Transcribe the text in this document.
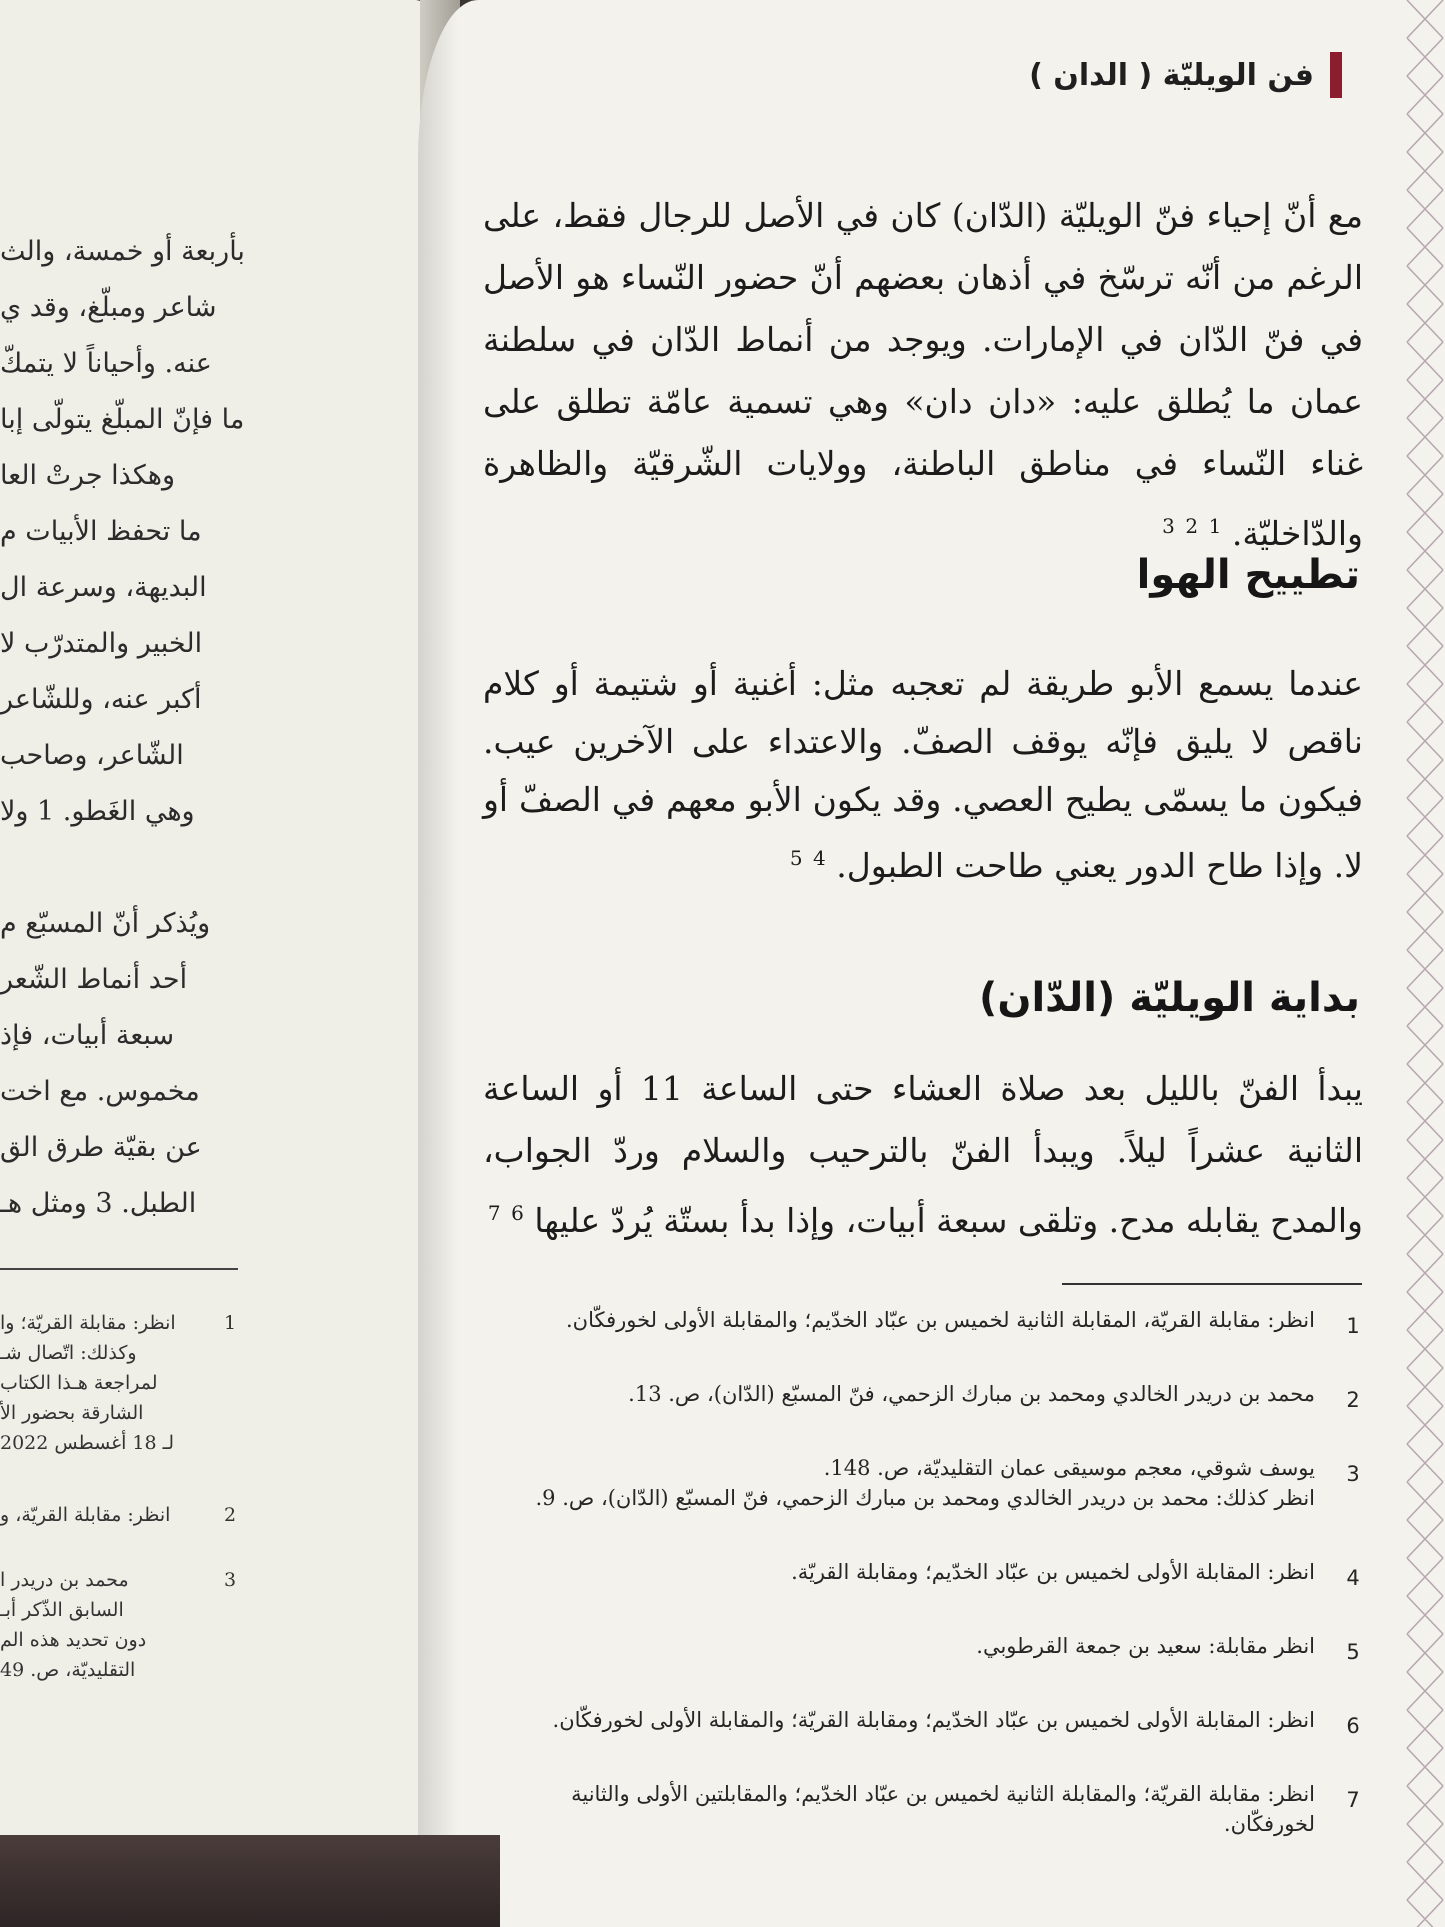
بأربعة أو خمسة، والث
شاعر ومبلّغ، وقد ي
عنه. وأحياناً لا يتمكّ
ما فإنّ المبلّغ يتولّى إبا
وهكذا جرتْ العا
ما تحفظ الأبيات م
البديهة، وسرعة ال
الخبير والمتدرّب لا
أكبر عنه، وللشّاعر
الشّاعر، وصاحب
وهي الغَطو. 1 ولا
ويُذكر أنّ المسبّع م
أحد أنماط الشّعر
سبعة أبيات، فإذ
مخموس. مع اخت
عن بقيّة طرق الق
الطبل. 3 ومثل هـ
1
انظر: مقابلة القريّة؛ وا
وكذلك: اتّصال شـ
لمراجعة هـذا الكتاب
الشارقة بحضور الأ
لـ 18 أغسطس 2022
2
انظر: مقابلة القريّة، و
3
محمد بن دريدر ا
السابق الذّكر أبـ
دون تحديد هذه الم
التقليديّة، ص. 49
فن الويليّة ( الدان )

مع أنّ إحياء فنّ الويليّة (الدّان) كان في الأصل للرجال فقط، على الرغم من أنّه ترسّخ في أذهان بعضهم أنّ حضور النّساء هو الأصل في فنّ الدّان في الإمارات. ويوجد من أنماط الدّان في سلطنة عمان ما يُطلق عليه: «دان دان» وهي تسمية عامّة تطلق على غناء النّساء في مناطق الباطنة، وولايات الشّرقيّة والظاهرة والدّاخليّة. $^1$ $^2$ $^3$

تطييح الهوا

عندما يسمع الأبو طريقة لم تعجبه مثل: أغنية أو شتيمة أو كلام ناقص لا يليق فإنّه يوقف الصفّ. والاعتداء على الآخرين عيب. فيكون ما يسمّى يطيح العصي. وقد يكون الأبو معهم في الصفّ أو لا. وإذا طاح الدور يعني طاحت الطبول. $^4$ $^5$

بداية الويليّة (الدّان)

يبدأ الفنّ بالليل بعد صلاة العشاء حتى الساعة 11 أو الساعة الثانية عشراً ليلاً. ويبدأ الفنّ بالترحيب والسلام وردّ الجواب، والمدح يقابله مدح. وتلقى سبعة أبيات، وإذا بدأ بستّة يُردّ عليها $^6$ $^7$

1
انظر: مقابلة القريّة، المقابلة الثانية لخميس بن عبّاد الخدّيم؛ والمقابلة الأولى لخورفكّان.
2
محمد بن دريدر الخالدي ومحمد بن مبارك الزحمي، فنّ المسبّع (الدّان)، ص. 13.
3
يوسف شوقي، معجم موسيقى عمان التقليديّة، ص. 148.
انظر كذلك: محمد بن دريدر الخالدي ومحمد بن مبارك الزحمي، فنّ المسبّع (الدّان)، ص. 9.
4
انظر: المقابلة الأولى لخميس بن عبّاد الخدّيم؛ ومقابلة القريّة.
5
انظر مقابلة: سعيد بن جمعة القرطوبي.
6
انظر: المقابلة الأولى لخميس بن عبّاد الخدّيم؛ ومقابلة القريّة؛ والمقابلة الأولى لخورفكّان.
7
انظر: مقابلة القريّة؛ والمقابلة الثانية لخميس بن عبّاد الخدّيم؛ والمقابلتين الأولى والثانية لخورفكّان.
